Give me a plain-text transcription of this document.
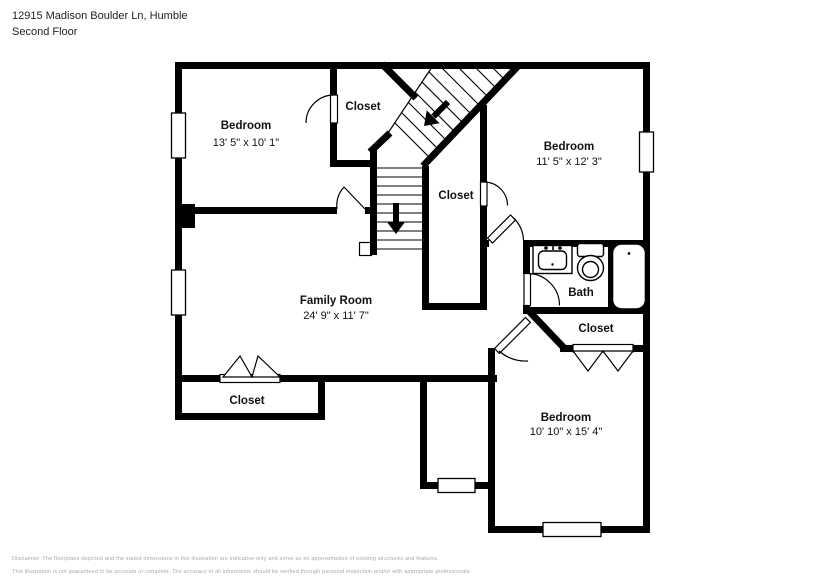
12915 Madison Boulder Ln, Humble
Second Floor
Bedroom
13' 5" x 10' 1"
Closet
Bedroom
11' 5" x 12' 3"
Closet
Family Room
24' 9" x 11' 7"
Bath
Closet
Closet
Bedroom
10' 10" x 15' 4"
Disclaimer: The floorplans depicted and the stated dimensions in this illustration are indicative only and serve as an approximation of existing structures and features.
This illustration is not guaranteed to be accurate or complete. The accuracy of all information should be verified through personal inspection and/or with appropriate professionals.
